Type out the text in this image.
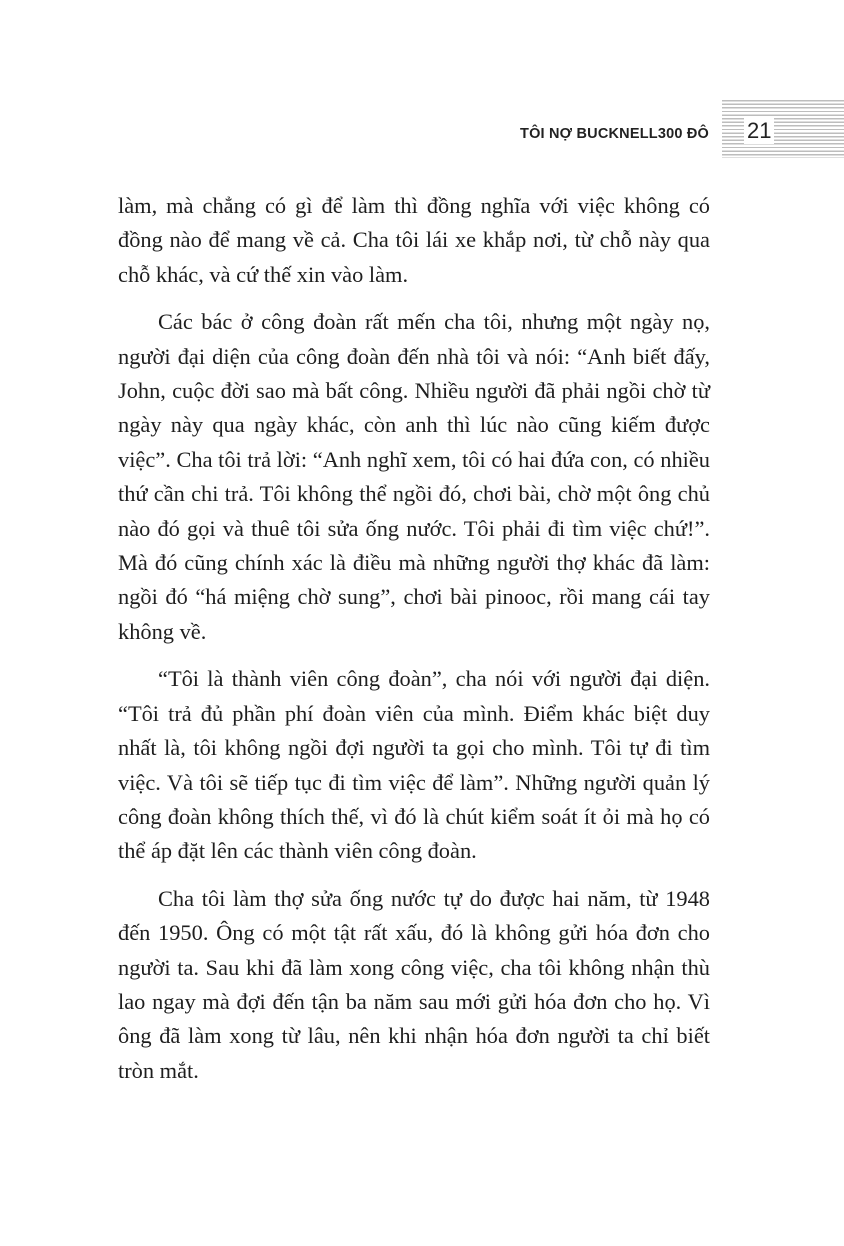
TÔI NỢ BUCKNELL300 ĐÔ 21

làm, mà chẳng có gì để làm thì đồng nghĩa với việc không có đồng nào để mang về cả. Cha tôi lái xe khắp nơi, từ chỗ này qua chỗ khác, và cứ thế xin vào làm.

Các bác ở công đoàn rất mến cha tôi, nhưng một ngày nọ, người đại diện của công đoàn đến nhà tôi và nói: “Anh biết đấy, John, cuộc đời sao mà bất công. Nhiều người đã phải ngồi chờ từ ngày này qua ngày khác, còn anh thì lúc nào cũng kiếm được việc”. Cha tôi trả lời: “Anh nghĩ xem, tôi có hai đứa con, có nhiều thứ cần chi trả. Tôi không thể ngồi đó, chơi bài, chờ một ông chủ nào đó gọi và thuê tôi sửa ống nước. Tôi phải đi tìm việc chứ!”. Mà đó cũng chính xác là điều mà những người thợ khác đã làm: ngồi đó “há miệng chờ sung”, chơi bài pinooc, rồi mang cái tay không về.

“Tôi là thành viên công đoàn”, cha nói với người đại diện. “Tôi trả đủ phần phí đoàn viên của mình. Điểm khác biệt duy nhất là, tôi không ngồi đợi người ta gọi cho mình. Tôi tự đi tìm việc. Và tôi sẽ tiếp tục đi tìm việc để làm”. Những người quản lý công đoàn không thích thế, vì đó là chút kiểm soát ít ỏi mà họ có thể áp đặt lên các thành viên công đoàn.

Cha tôi làm thợ sửa ống nước tự do được hai năm, từ 1948 đến 1950. Ông có một tật rất xấu, đó là không gửi hóa đơn cho người ta. Sau khi đã làm xong công việc, cha tôi không nhận thù lao ngay mà đợi đến tận ba năm sau mới gửi hóa đơn cho họ. Vì ông đã làm xong từ lâu, nên khi nhận hóa đơn người ta chỉ biết tròn mắt.
